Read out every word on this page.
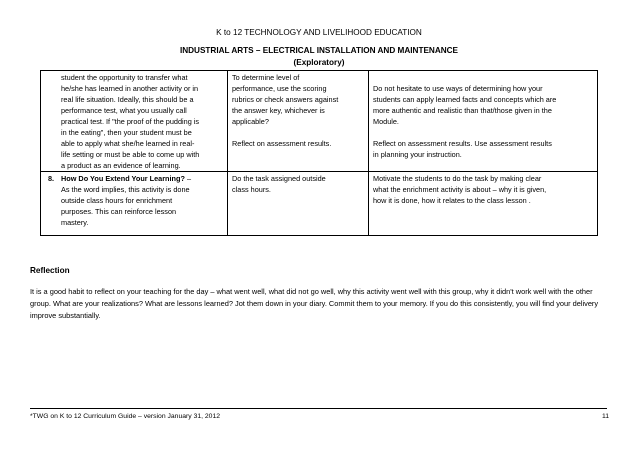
K to 12 TECHNOLOGY AND LIVELIHOOD EDUCATION
INDUSTRIAL ARTS – ELECTRICAL INSTALLATION AND MAINTENANCE
(Exploratory)
student the opportunity to transfer what
he/she has learned in another activity or in
real life situation. Ideally, this should be a
performance test, what you usually call
practical test. If "the proof of the pudding is
in the eating", then your student must be
able to apply what she/he learned in real-
life setting or must be able to come up with
a product as an evidence of learning.
To determine level of
performance, use the scoring
rubrics or check answers against
the answer key, whichever is
applicable?
Reflect on assessment results.
Do not hesitate to use ways of determining how your
students can apply learned facts and concepts which are
more authentic and realistic than that/those given in the
Module.
Reflect on assessment results. Use assessment results
in planning your instruction.
8. How Do You Extend Your Learning? –
As the word implies, this activity is done
outside class hours for enrichment
purposes. This can reinforce lesson
mastery.
Do the task assigned outside
class hours.
Motivate the students to do the task by making clear
what the enrichment activity is about – why it is given,
how it is done, how it relates to the class lesson .
Reflection
It is a good habit to reflect on your teaching for the day – what went well, what did not go well, why this activity went well with this group, why it didn't work well with the other group. What are your realizations? What are lessons learned? Jot them down in your diary. Commit them to your memory. If you do this consistently, you will find your delivery improve substantially.
*TWG on K to 12 Curriculum Guide – version January 31, 2012	11
